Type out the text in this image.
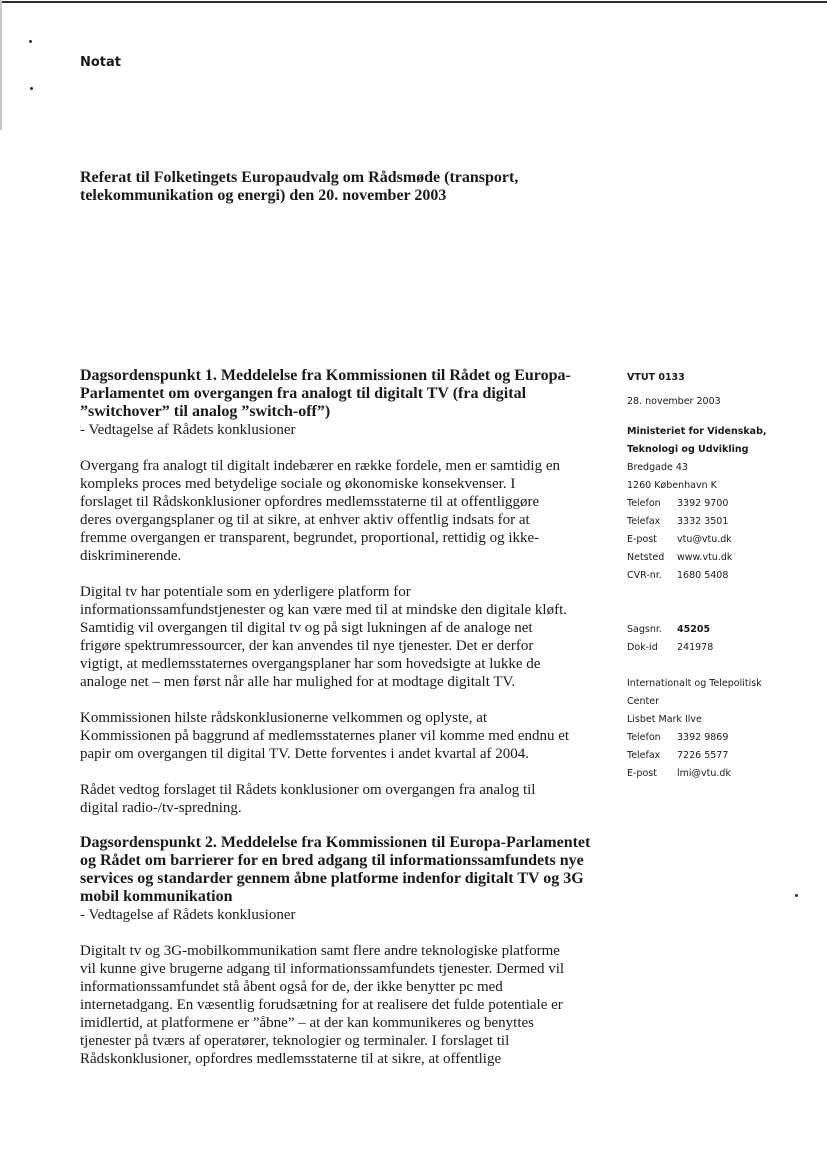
Notat
Referat til Folketingets Europaudvalg om Rådsmøde (transport, telekommunikation og energi) den 20. november 2003
Dagsordenspunkt 1. Meddelelse fra Kommissionen til Rådet og Europa-
Parlamentet om overgangen fra analogt til digitalt TV (fra digital
”switchover” til analog ”switch-off”)
- Vedtagelse af Rådets konklusioner
Overgang fra analogt til digitalt indebærer en række fordele, men er samtidig en
kompleks proces med betydelige sociale og økonomiske konsekvenser. I
forslaget til Rådskonklusioner opfordres medlemsstaterne til at offentliggøre
deres overgangsplaner og til at sikre, at enhver aktiv offentlig indsats for at
fremme overgangen er transparent, begrundet, proportional, rettidig og ikke-
diskriminerende.
Digital tv har potentiale som en yderligere platform for
informationssamfundstjenester og kan være med til at mindske den digitale kløft.
Samtidig vil overgangen til digital tv og på sigt lukningen af de analoge net
frigøre spektrumressourcer, der kan anvendes til nye tjenester. Det er derfor
vigtigt, at medlemsstaternes overgangsplaner har som hovedsigte at lukke de
analoge net – men først når alle har mulighed for at modtage digitalt TV.
Kommissionen hilste rådskonklusionerne velkommen og oplyste, at
Kommissionen på baggrund af medlemsstaternes planer vil komme med endnu et
papir om overgangen til digital TV. Dette forventes i andet kvartal af 2004.
Rådet vedtog forslaget til Rådets konklusioner om overgangen fra analog til
digital radio-/tv-spredning.
Dagsordenspunkt 2. Meddelelse fra Kommissionen til Europa-Parlamentet
og Rådet om barrierer for en bred adgang til informationssamfundets nye
services og standarder gennem åbne platforme indenfor digitalt TV og 3G
mobil kommunikation
- Vedtagelse af Rådets konklusioner
Digitalt tv og 3G-mobilkommunikation samt flere andre teknologiske platforme
vil kunne give brugerne adgang til informationssamfundets tjenester. Dermed vil
informationssamfundet stå åbent også for de, der ikke benytter pc med
internetadgang. En væsentlig forudsætning for at realisere det fulde potentiale er
imidlertid, at platformene er ”åbne” – at der kan kommunikeres og benyttes
tjenester på tværs af operatører, teknologier og terminaler. I forslaget til
Rådskonklusioner, opfordres medlemsstaterne til at sikre, at offentlige
VTUT 0133
28. november 2003
Ministeriet for Videnskab,
Teknologi og Udvikling
Bredgade 43
1260 København K
Telefon 3392 9700
Telefax 3332 3501
E-post vtu@vtu.dk
Netsted www.vtu.dk
CVR-nr. 1680 5408
Sagsnr. 45205
Dok-id 241978
Internationalt og Telepolitisk
Center
Lisbet Mark Ilve
Telefon 3392 9869
Telefax 7226 5577
E-post lmi@vtu.dk
